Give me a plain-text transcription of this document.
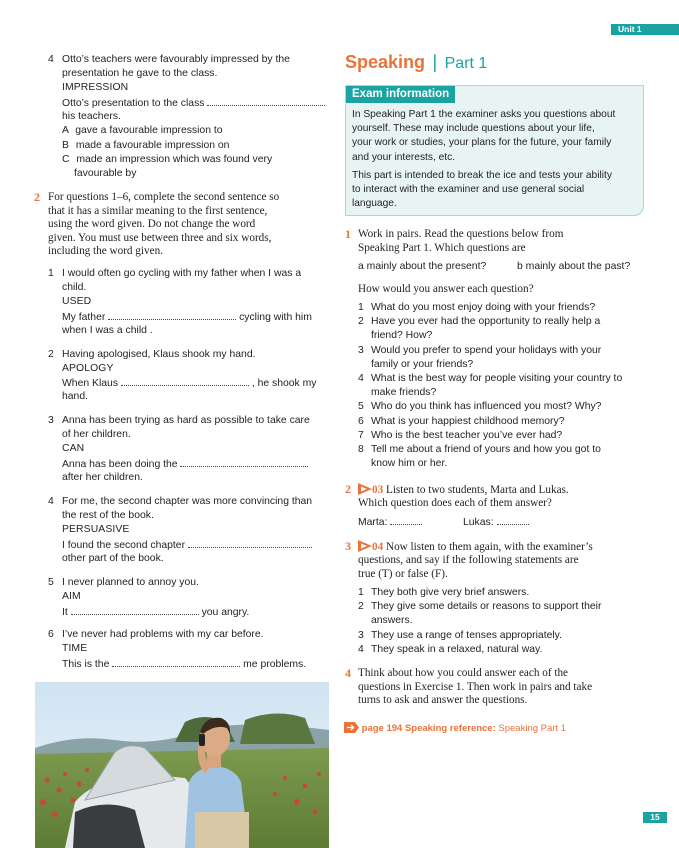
Unit 1
4 Otto’s teachers were favourably impressed by the
presentation he gave to the class.
IMPRESSION
Otto’s presentation to the class
his teachers.
A gave a favourable impression to
B made a favourable impression on
C made an impression which was found very
favourable by
2 For questions 1–6, complete the second sentence so
that it has a similar meaning to the first sentence,
using the word given. Do not change the word
given. You must use between three and six words,
including the word given.
1 I would often go cycling with my father when I was a
child.
USED
My father	cycling with him
when I was a child .
2 Having apologised, Klaus shook my hand.
APOLOGY
When Klaus	, he shook my
hand.
3 Anna has been trying as hard as possible to take care
of her children.
CAN
Anna has been doing the
after her children.
4 For me, the second chapter was more convincing than
the rest of the book.
PERSUASIVE
I found the second chapter
other part of the book.
5 I never planned to annoy you.
AIM
It	you angry.
6 I’ve never had problems with my car before.
TIME
This is the	me problems.
Speaking | Part 1
Exam information
In Speaking Part 1 the examiner asks you questions about
yourself. These may include questions about your life,
your work or studies, your plans for the future, your family
and your interests, etc.
This part is intended to break the ice and tests your ability
to interact with the examiner and use general social
language.
1 Work in pairs. Read the questions below from
Speaking Part 1. Which questions are
a mainly about the present?	b mainly about the past?
How would you answer each question?
1 What do you most enjoy doing with your friends?
2 Have you ever had the opportunity to really help a
friend? How?
3 Would you prefer to spend your holidays with your
family or your friends?
4 What is the best way for people visiting your country to
make friends?
5 Who do you think has influenced you most? Why?
6 What is your happiest childhood memory?
7 Who is the best teacher you’ve ever had?
8 Tell me about a friend of yours and how you got to
know him or her.
2	03 Listen to two students, Marta and Lukas.
Which question does each of them answer?
Marta:	Lukas:
3	04 Now listen to them again, with the examiner’s
questions, and say if the following statements are
true (T) or false (F).
1 They both give very brief answers.
2 They give some details or reasons to support their
answers.
3 They use a range of tenses appropriately.
4 They speak in a relaxed, natural way.
4 Think about how you could answer each of the
questions in Exercise 1. Then work in pairs and take
turns to ask and answer the questions.
page 194 Speaking reference: Speaking Part 1
15
